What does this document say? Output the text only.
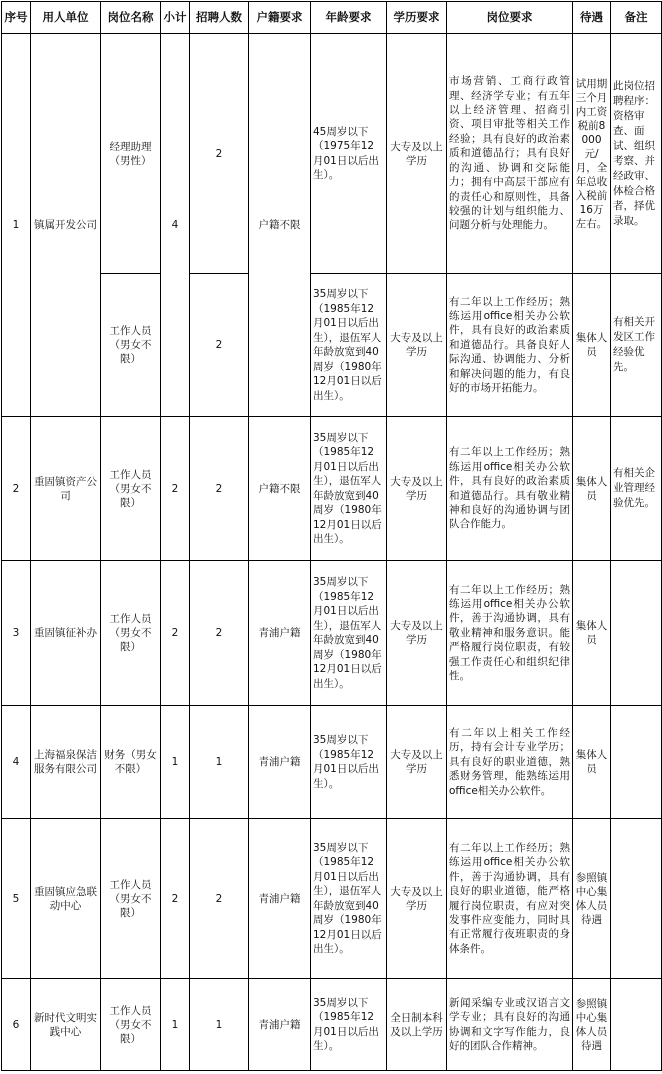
序号	用人单位	岗位名称	小计	招聘人数	户籍要求	年龄要求	学历要求	岗位要求	待遇	备注
1	镇属开发公司	经理助理（男性）	4	2	户籍不限	45周岁以下（1975年12月01日以后出生）。	大专及以上学历	市场营销、工商行政管理、经济学专业；有五年以上经济管理、招商引资、项目审批等相关工作经验；具有良好的政治素质和道德品行；具有良好的沟通、协调和交际能力；拥有中高层干部应有的责任心和原则性，具备较强的计划与组织能力、问题分析与处理能力。	试用期三个月内工资税前8000元/月，全年总收入税前16万左右。	此岗位招聘程序：资格审查、面试、组织考察、并经政审、体检合格者，择优录取。
		工作人员（男女不限）		2		35周岁以下（1985年12月01日以后出生），退伍军人年龄放宽到40周岁（1980年12月01日以后出生）。	大专及以上学历	有二年以上工作经历；熟练运用office相关办公软件，具有良好的政治素质和道德品行。具备良好人际沟通、协调能力、分析和解决问题的能力，有良好的市场开拓能力。	集体人员	有相关开发区工作经验优先。
2	重固镇资产公司	工作人员（男女不限）	2	2	户籍不限	35周岁以下（1985年12月01日以后出生），退伍军人年龄放宽到40周岁（1980年12月01日以后出生）。	大专及以上学历	有二年以上工作经历；熟练运用office相关办公软件，具有良好的政治素质和道德品行。具有敬业精神和良好的沟通协调与团队合作能力。	集体人员	有相关企业管理经验优先。
3	重固镇征补办	工作人员（男女不限）	2	2	青浦户籍	35周岁以下（1985年12月01日以后出生），退伍军人年龄放宽到40周岁（1980年12月01日以后出生）。	大专及以上学历	有二年以上工作经历；熟练运用office相关办公软件，善于沟通协调，具有敬业精神和服务意识。能严格履行岗位职责，有较强工作责任心和组织纪律性。	集体人员	
4	上海福泉保洁服务有限公司	财务（男女不限）	1	1	青浦户籍	35周岁以下（1985年12月01日以后出生）。	大专及以上学历	有二年以上相关工作经历，持有会计专业学历；具有良好的职业道德，熟悉财务管理，能熟练运用office相关办公软件。	集体人员	
5	重固镇应急联动中心	工作人员（男女不限）	2	2	青浦户籍	35周岁以下（1985年12月01日以后出生），退伍军人年龄放宽到40周岁（1980年12月01日以后出生）。	大专及以上学历	有二年以上工作经历；熟练运用office相关办公软件，善于沟通协调，具有良好的职业道德，能严格履行岗位职责，有应对突发事件应变能力，同时具有正常履行夜班职责的身体条件。	参照镇中心集体人员待遇	
6	新时代文明实践中心	工作人员（男女不限）	1	1	青浦户籍	35周岁以下（1985年12月01日以后出生）。	全日制本科及以上学历	新闻采编专业或汉语言文学专业；具有良好的沟通协调和文字写作能力，良好的团队合作精神。	参照镇中心集体人员待遇	
